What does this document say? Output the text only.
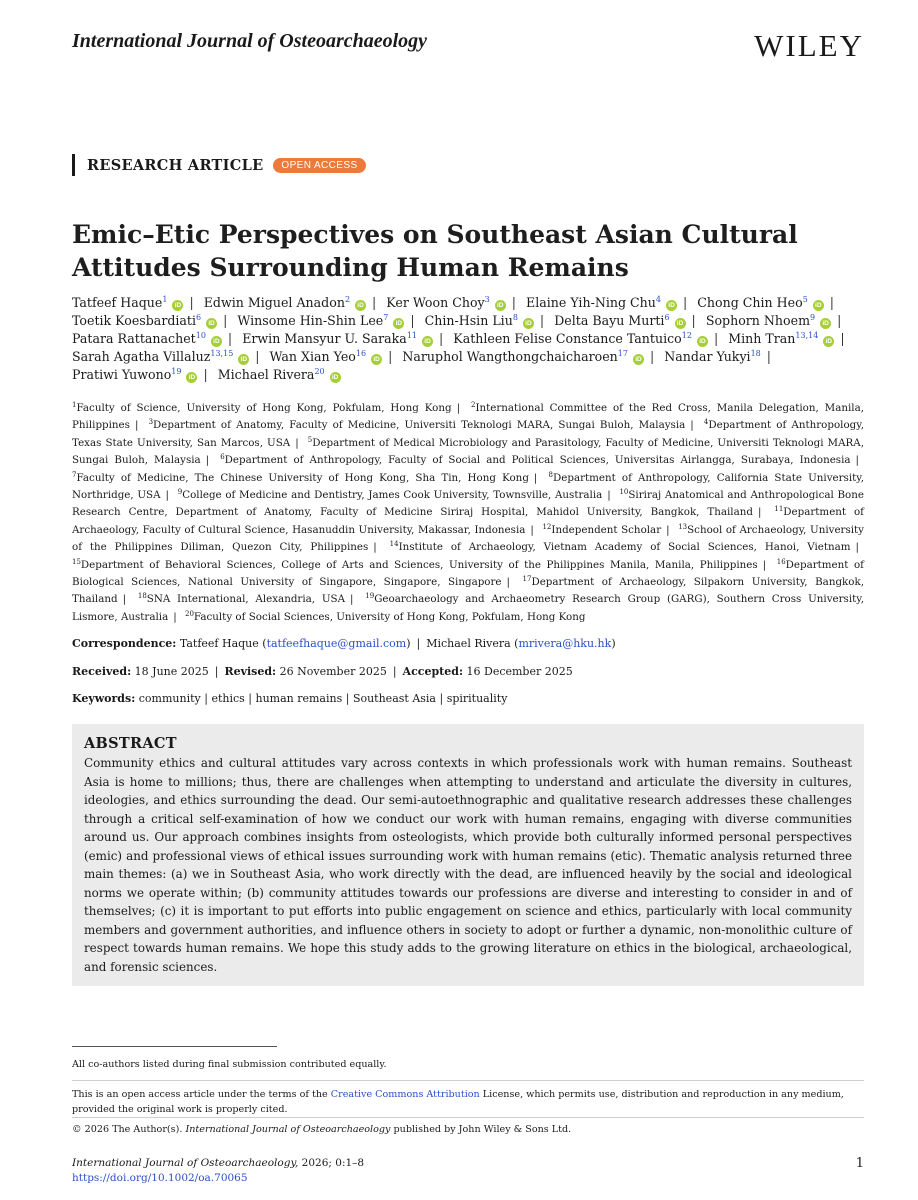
International Journal of Osteoarchaeology	WILEY
RESEARCH ARTICLE	OPEN ACCESS
Emic–Etic Perspectives on Southeast Asian Cultural
Attitudes Surrounding Human Remains
Tatfeef Haque$^1$iD | Edwin Miguel Anadon$^2$iD | Ker Woon Choy$^3$iD | Elaine Yih-Ning Chu$^4$iD | Chong Chin Heo$^5$iD |
Toetik Koesbardiati$^6$iD | Winsome Hin-Shin Lee$^7$iD | Chin-Hsin Liu$^8$iD | Delta Bayu Murti$^6$iD | Sophorn Nhoem$^9$iD |
Patara Rattanachet$^{10}$iD | Erwin Mansyur U. Saraka$^{11}$iD | Kathleen Felise Constance Tantuico$^{12}$iD | Minh Tran$^{13,14}$iD |
Sarah Agatha Villaluz$^{13,15}$iD | Wan Xian Yeo$^{16}$iD | Naruphol Wangthongchaicharoen$^{17}$iD | Nandar Yukyi$^{18}$ |
Pratiwi Yuwono$^{19}$iD | Michael Rivera$^{20}$iD
$^1$Faculty of Science, University of Hong Kong, Pokfulam, Hong Kong | $^2$International Committee of the Red Cross, Manila Delegation, Manila, Philippines | $^3$Department of Anatomy, Faculty of Medicine, Universiti Teknologi MARA, Sungai Buloh, Malaysia | $^4$Department of Anthropology, Texas State University, San Marcos, USA | $^5$Department of Medical Microbiology and Parasitology, Faculty of Medicine, Universiti Teknologi MARA, Sungai Buloh, Malaysia | $^6$Department of Anthropology, Faculty of Social and Political Sciences, Universitas Airlangga, Surabaya, Indonesia | $^7$Faculty of Medicine, The Chinese University of Hong Kong, Sha Tin, Hong Kong | $^8$Department of Anthropology, California State University, Northridge, USA | $^9$College of Medicine and Dentistry, James Cook University, Townsville, Australia | $^{10}$Siriraj Anatomical and Anthropological Bone Research Centre, Department of Anatomy, Faculty of Medicine Siriraj Hospital, Mahidol University, Bangkok, Thailand | $^{11}$Department of Archaeology, Faculty of Cultural Science, Hasanuddin University, Makassar, Indonesia | $^{12}$Independent Scholar | $^{13}$School of Archaeology, University of the Philippines Diliman, Quezon City, Philippines | $^{14}$Institute of Archaeology, Vietnam Academy of Social Sciences, Hanoi, Vietnam | $^{15}$Department of Behavioral Sciences, College of Arts and Sciences, University of the Philippines Manila, Manila, Philippines | $^{16}$Department of Biological Sciences, National University of Singapore, Singapore, Singapore | $^{17}$Department of Archaeology, Silpakorn University, Bangkok, Thailand | $^{18}$SNA International, Alexandria, USA | $^{19}$Geoarchaeology and Archaeometry Research Group (GARG), Southern Cross University, Lismore, Australia | $^{20}$Faculty of Social Sciences, University of Hong Kong, Pokfulam, Hong Kong
Correspondence: Tatfeef Haque (tatfeefhaque@gmail.com) | Michael Rivera (mrivera@hku.hk)
Received: 18 June 2025 | Revised: 26 November 2025 | Accepted: 16 December 2025
Keywords: community | ethics | human remains | Southeast Asia | spirituality
ABSTRACT

Community ethics and cultural attitudes vary across contexts in which professionals work with human remains. Southeast Asia is home to millions; thus, there are challenges when attempting to understand and articulate the diversity in cultures, ideologies, and ethics surrounding the dead. Our semi-autoethnographic and qualitative research addresses these challenges through a critical self-examination of how we conduct our work with human remains, engaging with diverse communities around us. Our approach combines insights from osteologists, which provide both culturally informed personal perspectives (emic) and professional views of ethical issues surrounding work with human remains (etic). Thematic analysis returned three main themes: (a) we in Southeast Asia, who work directly with the dead, are influenced heavily by the social and ideological norms we operate within; (b) community attitudes towards our professions are diverse and interesting to consider in and of themselves; (c) it is important to put efforts into public engagement on science and ethics, particularly with local community members and government authorities, and influence others in society to adopt or further a dynamic, non-monolithic culture of respect towards human remains. We hope this study adds to the growing literature on ethics in the biological, archaeological, and forensic sciences.

All co-authors listed during final submission contributed equally.
This is an open access article under the terms of the Creative Commons Attribution License, which permits use, distribution and reproduction in any medium, provided the original work is properly cited.
© 2026 The Author(s). International Journal of Osteoarchaeology published by John Wiley & Sons Ltd.
International Journal of Osteoarchaeology, 2026; 0:1–8
https://doi.org/10.1002/oa.70065
1
